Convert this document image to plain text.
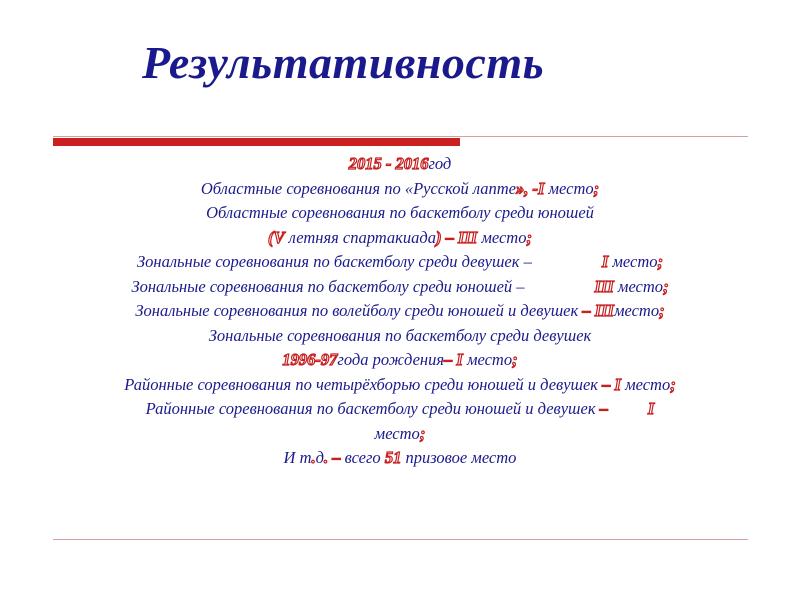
Результативность
2015 - 2016год
Областные соревнования по «Русской лапте», -I место;
Областные соревнования по баскетболу среди юношей
(V летняя спартакиада) – III место;
Зональные соревнования по баскетболу среди девушек –	I место;
Зональные соревнования по баскетболу среди юношей –	III место;
Зональные соревнования по волейболу среди юношей и девушек – IIIместо;
Зональные соревнования по баскетболу среди девушек
1996-97года рождения– I место;
Районные соревнования по четырёхборью среди юношей и девушек – I место;
Районные соревнования по баскетболу среди юношей и девушек – I
место;
И т.д. – всего 51 призовое место
